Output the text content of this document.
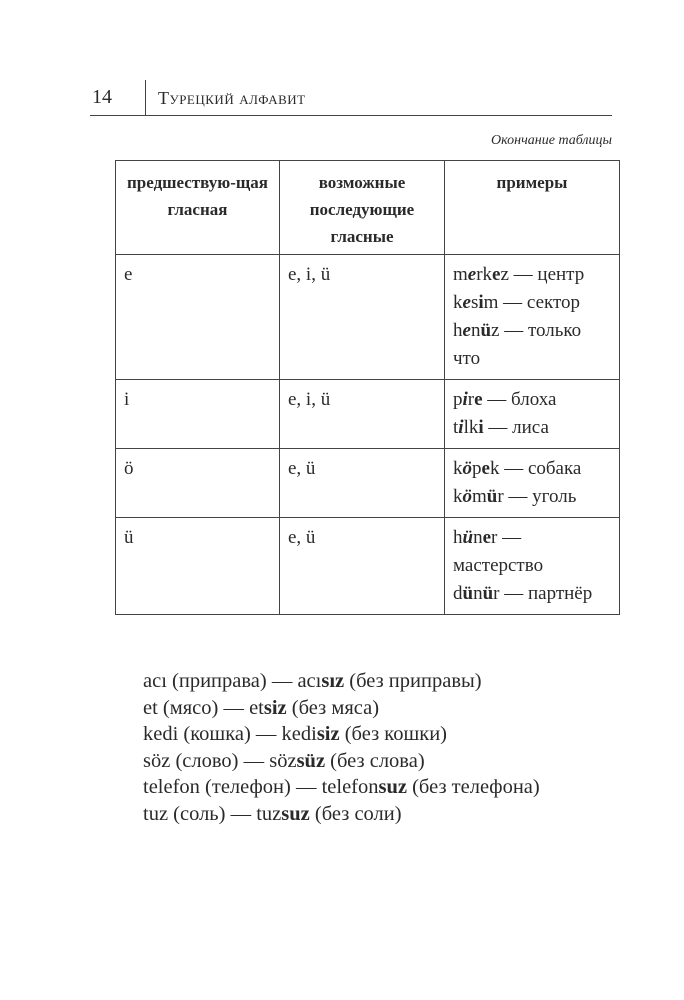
14	Турецкий алфавит
Окончание таблицы
предшествую-щая гласная	возможные последующие гласные	примеры
e	e, i, ü	merkez — центр
kesim — сектор
henüz — только что

i	e, i, ü	pire — блоха
tilki — лиса

ö	e, ü	köpek — собака
kömür — уголь

ü	e, ü	hüner — мастерство
dünür — партнёр
acı (приправа) — acısız (без приправы)
et (мясо) — etsiz (без мяса)
kedi (кошка) — kedisiz (без кошки)
söz (слово) — sözsüz (без слова)
telefon (телефон) — telefonsuz (без телефона)
tuz (соль) — tuzsuz (без соли)
